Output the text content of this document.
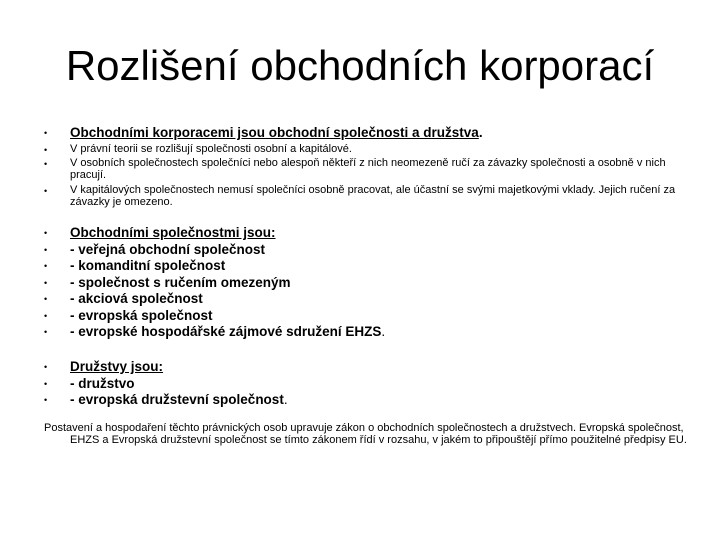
Rozlišení obchodních korporací
• Obchodními korporacemi jsou obchodní společnosti a družstva.
• V právní teorii se rozlišují společnosti osobní a kapitálové.
• V osobních společnostech společníci nebo alespoň někteří z nich neomezeně ručí za závazky společnosti a osobně v nich pracují.
• V kapitálových společnostech nemusí společníci osobně pracovat, ale účastní se svými majetkovými vklady. Jejich ručení za závazky je omezeno.
• Obchodními společnostmi jsou:
• - veřejná obchodní společnost
• - komanditní společnost
• - společnost s ručením omezeným
• - akciová společnost
• - evropská společnost
• - evropské hospodářské zájmové sdružení EHZS.
• Družstvy jsou:
• - družstvo
• - evropská družstevní společnost.
Postavení a hospodaření těchto právnických osob upravuje zákon o obchodních společnostech a družstvech. Evropská společnost, EHZS a Evropská družstevní společnost se tímto zákonem řídí v rozsahu, v jakém to připouštějí přímo použitelné předpisy EU.
